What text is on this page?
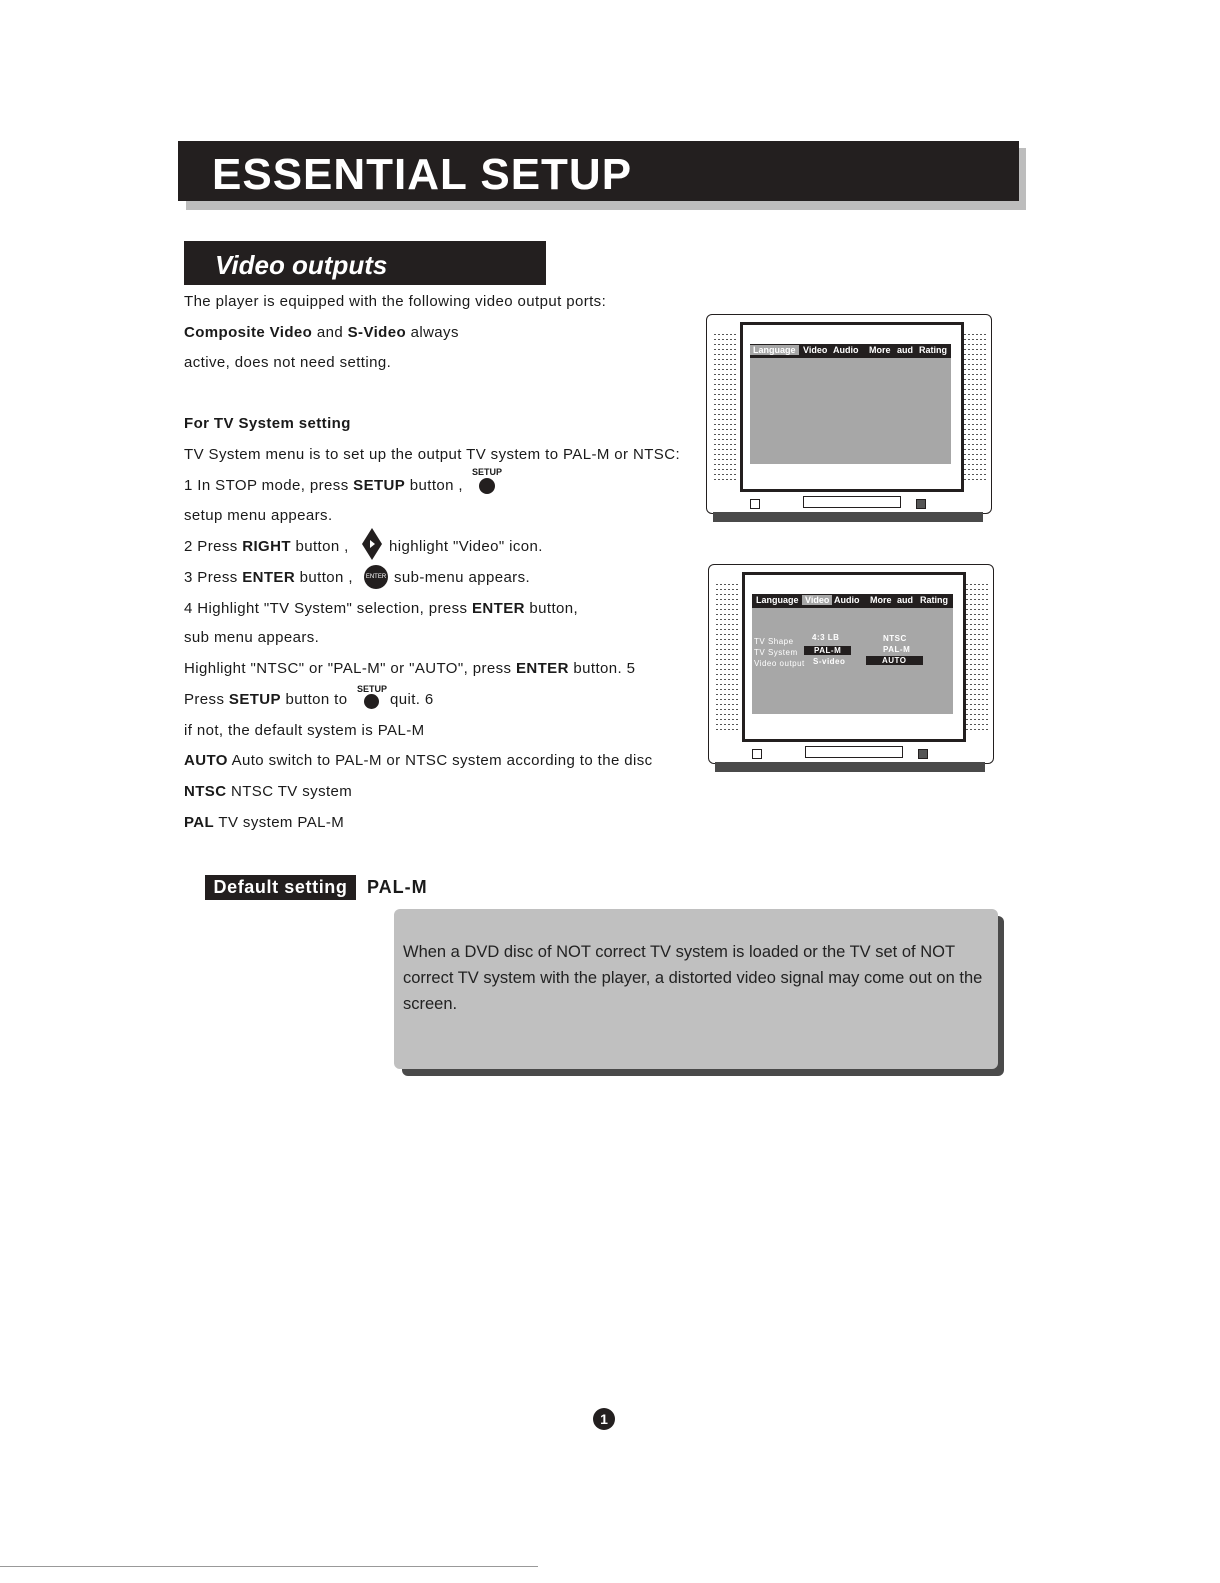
ESSENTIAL SETUP
Video outputs
The player is equipped with the following video output ports:
Composite Video and S-Video always
active, does not need setting.
For TV System setting
TV System menu is to set up the output TV system to PAL-M or NTSC:
1 In STOP mode, press SETUP button ,
SETUP
setup menu appears.
2 Press RIGHT button ,	highlight "Video" icon.
3 Press ENTER button ,	ENTER sub-menu appears.
4 Highlight "TV System" selection, press ENTER button,
sub menu appears.
Highlight "NTSC" or "PAL-M" or "AUTO", press ENTER button. 5
Press SETUP button to
SETUP
quit. 6
if not, the default system is PAL-M
AUTO Auto switch to PAL-M or NTSC system according to the disc
NTSC NTSC TV system
PAL TV system PAL-M
Language Video Audio More aud Rating
Language Video Audio More aud Rating
TV Shape
TV System
Video output
4:3 LB
PAL-M
S-video
NTSC
PAL-M
AUTO
Default setting	PAL-M
When a DVD disc of NOT correct TV system is loaded or the TV set of NOT correct TV system with the player, a distorted video signal may come out on the screen.
1
